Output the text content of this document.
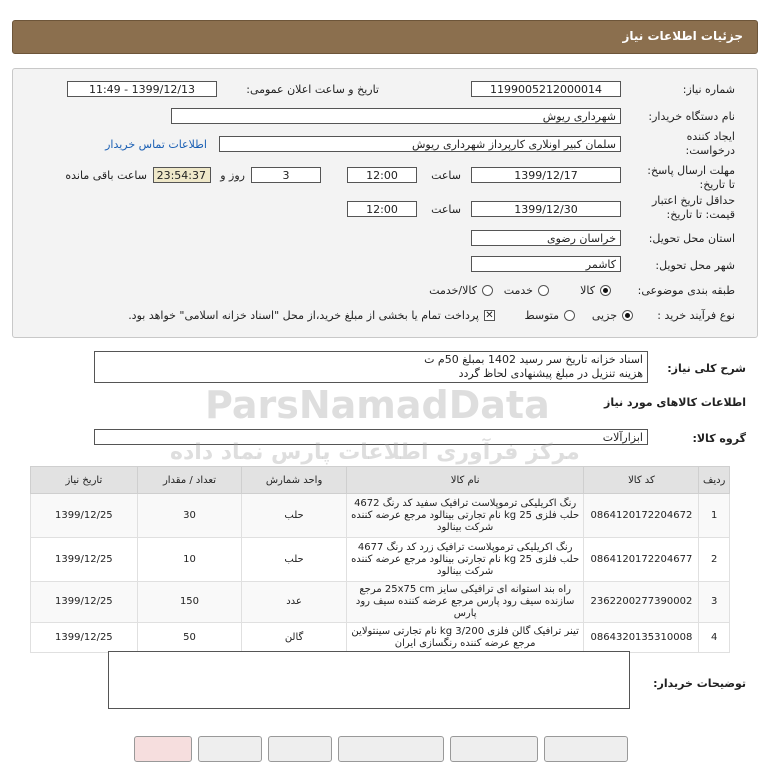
جزئیات اطلاعات نیاز
شماره نیاز:
1199005212000014
تاریخ و ساعت اعلان عمومی:
1399/12/13 - 11:49
نام دستگاه خریدار:
شهرداری ریوش
ایجاد کننده
درخواست:
سلمان کبیر اونلاری کارپرداز شهرداری ریوش
اطلاعات تماس خریدار
مهلت ارسال پاسخ:
تا تاریخ:
1399/12/17
ساعت
12:00
3
روز و
23:54:37
ساعت باقی مانده
حداقل تاریخ اعتبار
قیمت: تا تاریخ:
1399/12/30
ساعت
12:00
استان محل تحویل:
خراسان رضوی
شهر محل تحویل:
کاشمر
طبقه بندی موضوعی:
کالا
خدمت
کالا/خدمت
نوع فرآیند خرید :
جزیی
متوسط
✕
پرداخت تمام یا بخشی از مبلغ خرید،از محل "اسناد خزانه اسلامی" خواهد بود.
شرح کلی نیاز:
اسناد خزانه تاریخ سر رسید 1402 بمبلغ 50م ت
هزینه تنزیل در مبلغ پیشنهادی لحاظ گردد
اطلاعات کالاهای مورد نیاز
گروه کالا:
ابزارآلات
ردیف	کد کالا	نام کالا	واحد شمارش	تعداد / مقدار	تاریخ نیاز
1	0864120172204672	رنگ اکریلیکی ترموپلاست ترافیک سفید کد رنگ 4672 حلب فلزی 25 kg نام تجارتی بینالود مرجع عرضه کننده شرکت بینالود	حلب	30	1399/12/25
2	0864120172204677	رنگ اکریلیکی ترموپلاست ترافیک زرد کد رنگ 4677 حلب فلزی 25 kg نام تجارتی بینالود مرجع عرضه کننده شرکت بینالود	حلب	10	1399/12/25
3	2362200277390002	راه بند استوانه ای ترافیکی سایز 25x75 cm مرجع سازنده سیف رود پارس مرجع عرضه کننده سیف رود پارس	عدد	150	1399/12/25
4	0864320135310008	تینر ترافیک گالن فلزی 3/200 kg نام تجارتی سینتولاین مرجع عرضه کننده رنگسازی ایران	گالن	50	1399/12/25
توضیحات خریدار:
ParsNamadData
مرکز فرآوری اطلاعات پارس نماد داده
